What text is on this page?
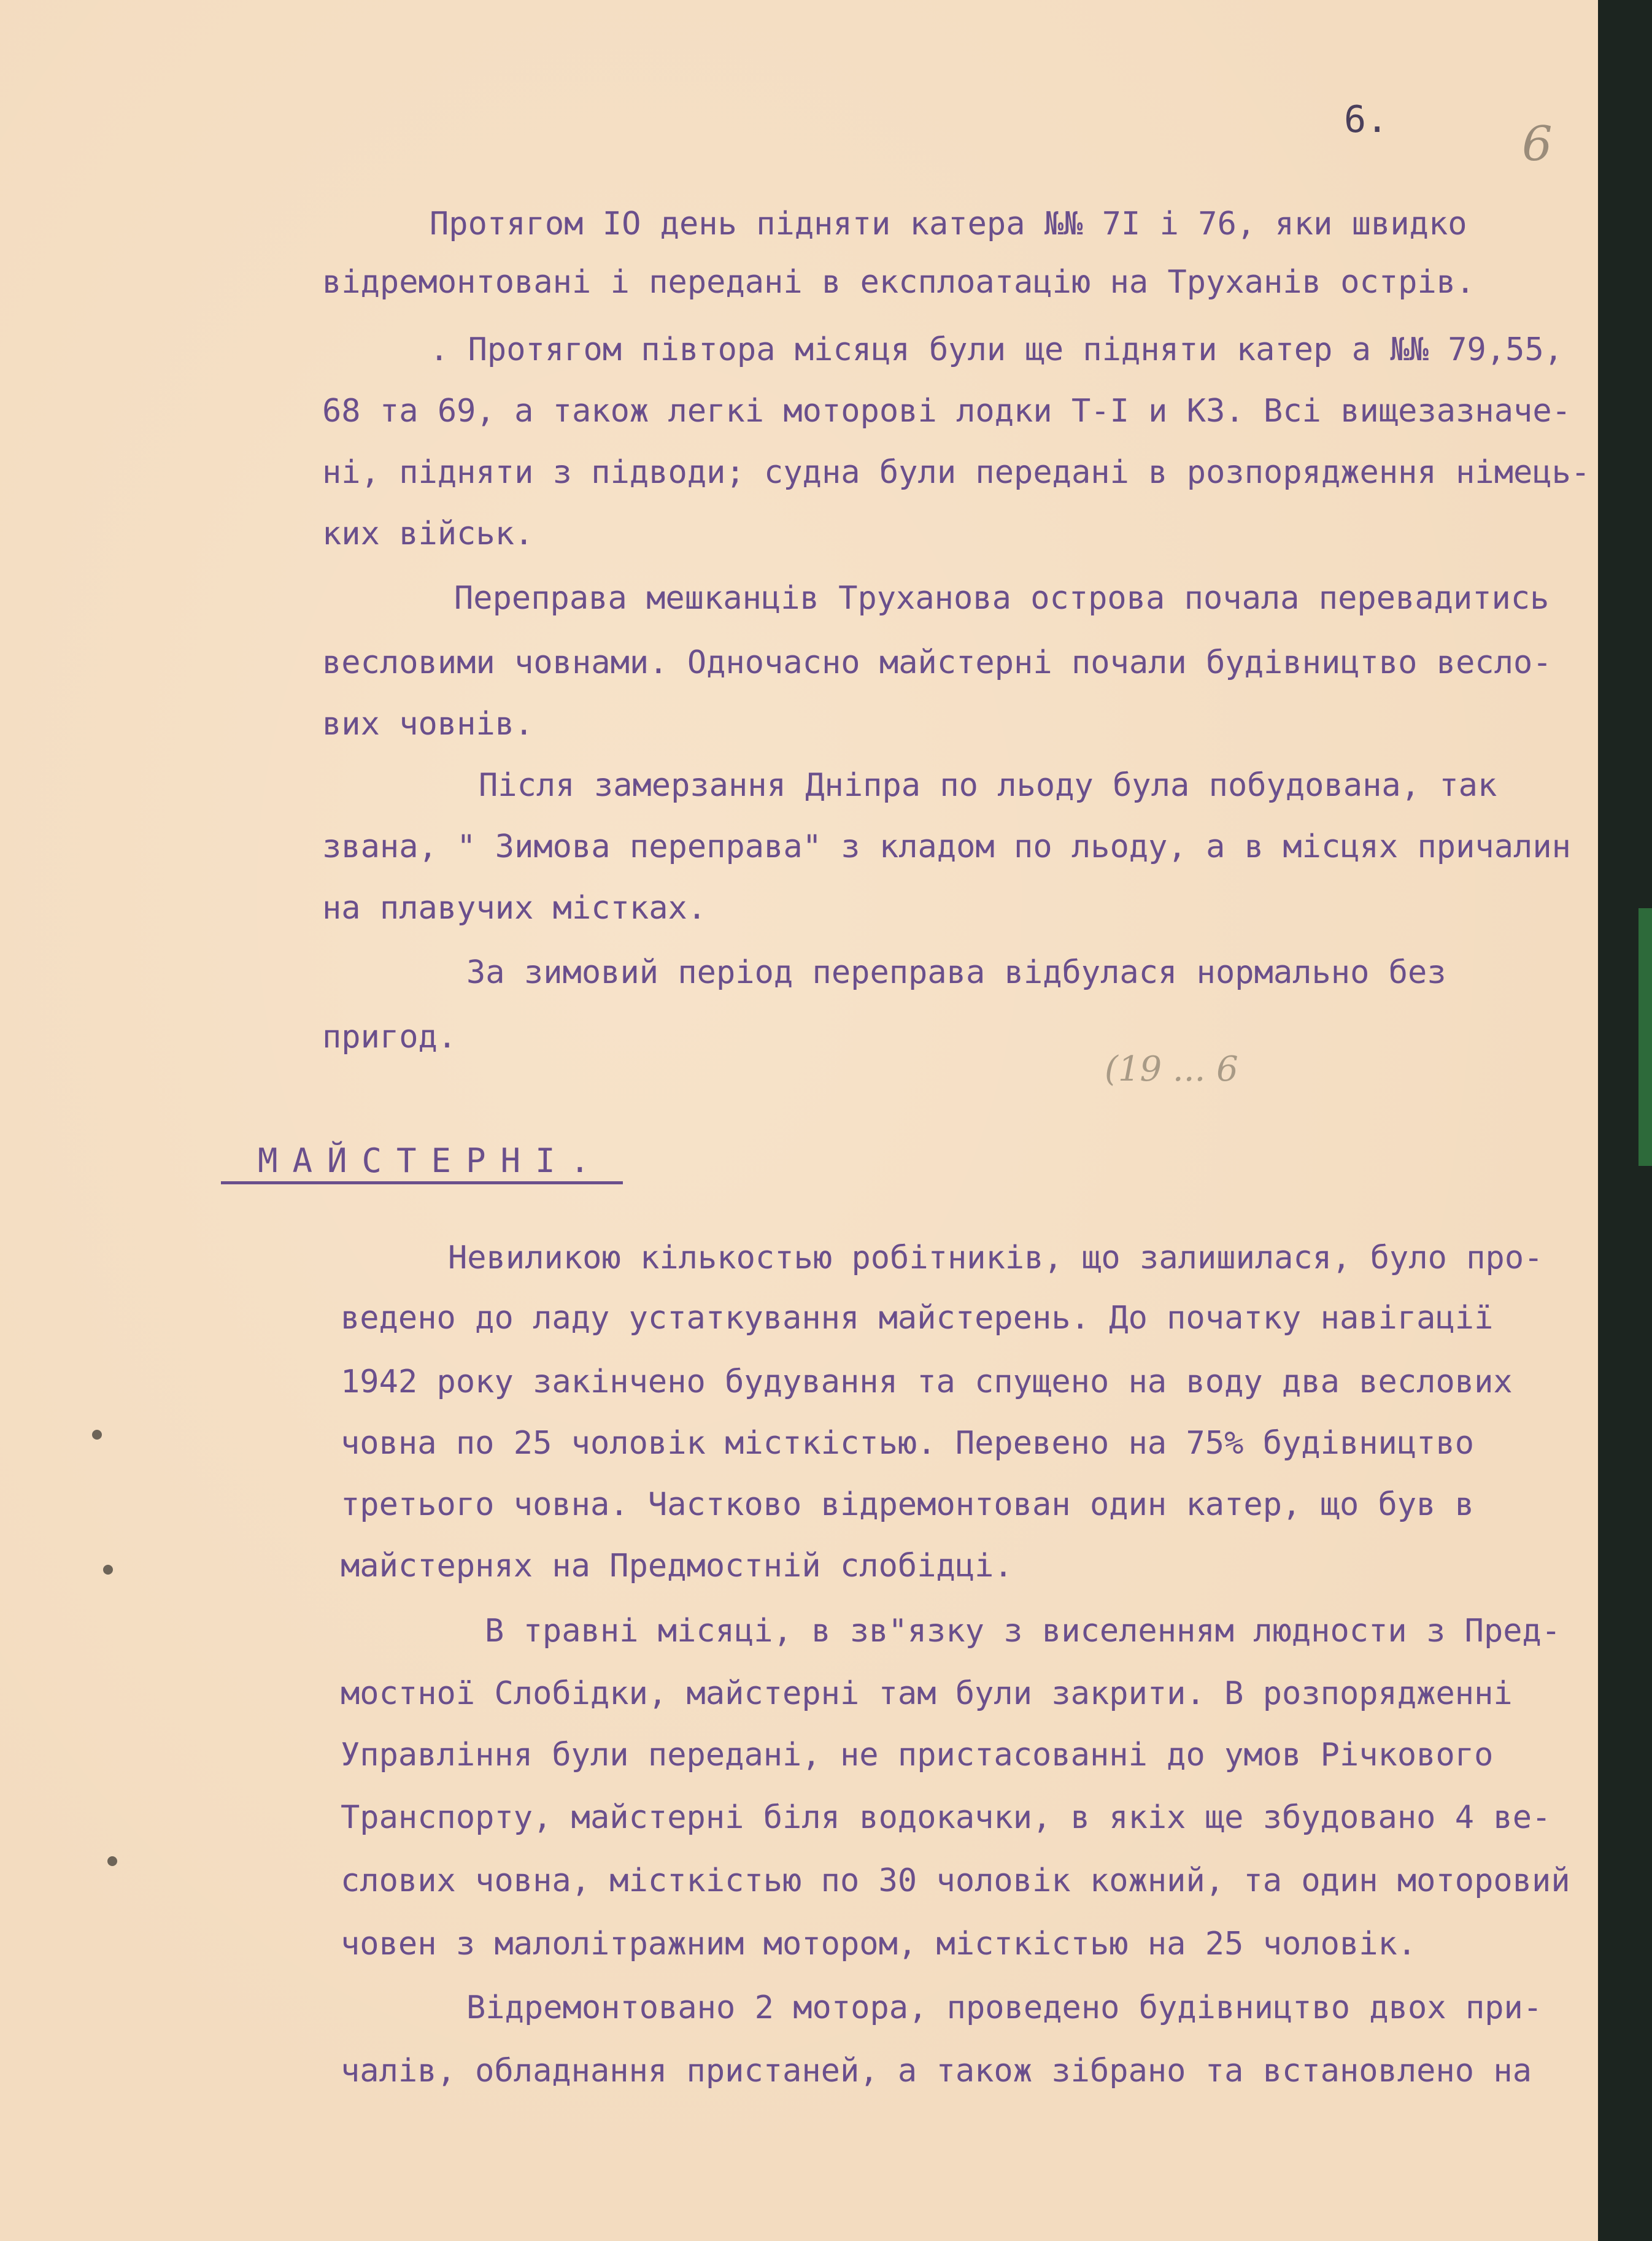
6.	6
(19 ... 6
МАЙСТЕРНІ.
Протягом IO день підняти катера №№ 7I і 76, яки швидко
відремонтовані і передані в експлоатацію на Труханів острів.
. Протягом півтора місяця були ще підняти катер а №№ 79,55,
68 та 69, а також легкі моторові лодки Т-I и КЗ. Всі вищезазначе-
ні, підняти з підводи; судна були передані в розпорядження німець-
ких військ.
Переправа мешканців Труханова острова почала перевадитись
весловими човнами. Одночасно майстерні почали будівництво весло-
вих човнів.
Після замерзання Дніпра по льоду була побудована, так
звана, " Зимова переправа" з кладом по льоду, а в місцях причалин
на плавучих містках.
За зимовий період переправа відбулася нормально без
пригод.
Невиликою кількостью робітників, що залишилася, було про-
ведено до ладу устаткування майстерень. До початку навігації
1942 року закінчено будування та спущено на воду два веслових
човна по 25 чоловік місткістью. Перевено на 75% будівництво
третього човна. Частково відремонтован один катер, що був в
майстернях на Предмостній слобідці.
В травні місяці, в зв"язку з виселенням людности з Пред-
мостної Слобідки, майстерні там були закрити. В розпорядженні
Управління були передані, не пристасованні до умов Річкового
Транспорту, майстерні біля водокачки, в якіх ще збудовано 4 ве-
слових човна, місткістью по 30 чоловік кожний, та один моторовий
човен з малолітражним мотором, місткістью на 25 чоловік.
Відремонтовано 2 мотора, проведено будівництво двох при-
чалів, обладнання пристаней, а також зібрано та встановлено на
